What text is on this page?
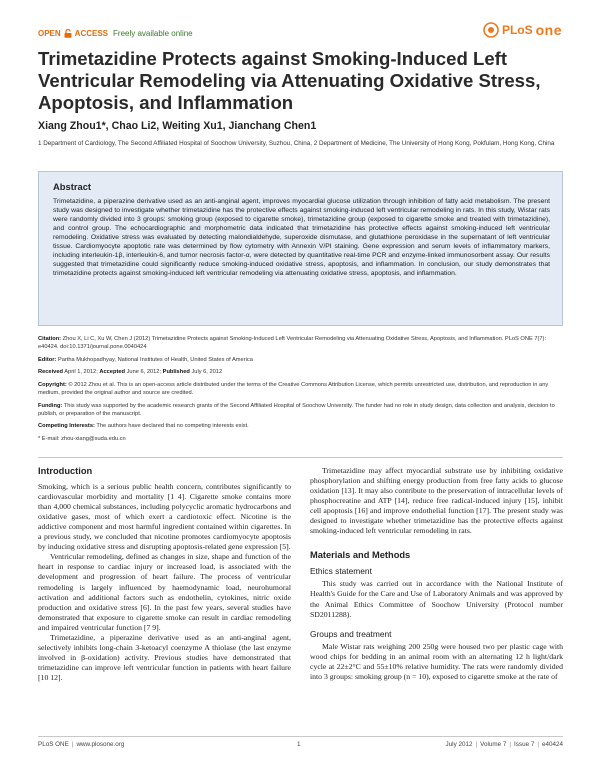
OPEN ACCESS Freely available online	PLoS one
Trimetazidine Protects against Smoking-Induced Left Ventricular Remodeling via Attenuating Oxidative Stress, Apoptosis, and Inflammation
Xiang Zhou1*, Chao Li2, Weiting Xu1, Jianchang Chen1
1 Department of Cardiology, The Second Affiliated Hospital of Soochow University, Suzhou, China, 2 Department of Medicine, The University of Hong Kong, Pokfulam, Hong Kong, China
Abstract
Trimetazidine, a piperazine derivative used as an anti-anginal agent, improves myocardial glucose utilization through inhibition of fatty acid metabolism. The present study was designed to investigate whether trimetazidine has the protective effects against smoking-induced left ventricular remodeling in rats. In this study, Wistar rats were randomly divided into 3 groups: smoking group (exposed to cigarette smoke), trimetazidine group (exposed to cigarette smoke and treated with trimetazidine), and control group. The echocardiographic and morphometric data indicated that trimetazidine has protective effects against smoking-induced left ventricular remodeling. Oxidative stress was evaluated by detecting malondialdehyde, superoxide dismutase, and glutathione peroxidase in the supernatant of left ventricular tissue. Cardiomyocyte apoptotic rate was determined by flow cytometry with Annexin V/PI staining. Gene expression and serum levels of inflammatory markers, including interleukin-1β, interleukin-6, and tumor necrosis factor-α, were detected by quantitative real-time PCR and enzyme-linked immunosorbent assay. Our results suggested that trimetazidine could significantly reduce smoking-induced oxidative stress, apoptosis, and inflammation. In conclusion, our study demonstrates that trimetazidine protects against smoking-induced left ventricular remodeling via attenuating oxidative stress, apoptosis, and inflammation.
Citation: Zhou X, Li C, Xu W, Chen J (2012) Trimetazidine Protects against Smoking-Induced Left Ventricular Remodeling via Attenuating Oxidative Stress, Apoptosis, and Inflammation. PLoS ONE 7(7): e40424. doi:10.1371/journal.pone.0040424
Editor: Partha Mukhopadhyay, National Institutes of Health, United States of America
Received April 1, 2012; Accepted June 6, 2012; Published July 6, 2012
Copyright: © 2012 Zhou et al. This is an open-access article distributed under the terms of the Creative Commons Attribution License, which permits unrestricted use, distribution, and reproduction in any medium, provided the original author and source are credited.
Funding: This study was supported by the academic research grants of the Second Affiliated Hospital of Soochow University. The funder had no role in study design, data collection and analysis, decision to publish, or preparation of the manuscript.
Competing Interests: The authors have declared that no competing interests exist.
* E-mail: zhou-xiang@suda.edu.cn
Introduction

Smoking, which is a serious public health concern, contributes significantly to cardiovascular morbidity and mortality [1 4]. Cigarette smoke contains more than 4,000 chemical substances, including polycyclic aromatic hydrocarbons and oxidative gases, most of which exert a cardiotoxic effect. Nicotine is the addictive component and most harmful ingredient contained within cigarettes. In a previous study, we concluded that nicotine promotes cardiomyocyte apoptosis by inducing oxidative stress and disrupting apoptosis-related gene expression [5].

Ventricular remodeling, defined as changes in size, shape and function of the heart in response to cardiac injury or increased load, is associated with the development and progression of heart failure. The process of ventricular remodeling is largely influenced by haemodynamic load, neurohumoral activation and additional factors such as endothelin, cytokines, nitric oxide production and oxidative stress [6]. In the past few years, several studies have demonstrated that exposure to cigarette smoke can result in cardiac remodeling and impaired ventricular function [7 9].

Trimetazidine, a piperazine derivative used as an anti-anginal agent, selectively inhibits long-chain 3-ketoacyl coenzyme A thiolase (the last enzyme involved in β-oxidation) activity. Previous studies have demonstrated that trimetazidine can improve left ventricular function in patients with heart failure [10 12].

Trimetazidine may affect myocardial substrate use by inhibiting oxidative phosphorylation and shifting energy production from free fatty acids to glucose oxidation [13]. It may also contribute to the preservation of intracellular levels of phosphocreatine and ATP [14], reduce free radical-induced injury [15], inhibit cell apoptosis [16] and improve endothelial function [17]. The present study was designed to investigate whether trimetazidine has the protective effects against smoking-induced left ventricular remodeling in rats.

Materials and Methods
Ethics statement

This study was carried out in accordance with the National Institute of Health's Guide for the Care and Use of Laboratory Animals and was approved by the Animal Ethics Committee of Soochow University (Protocol number SD2011288).

Groups and treatment

Male Wistar rats weighing 200 250g were housed two per plastic cage with wood chips for bedding in an animal room with an alternating 12 h light/dark cycle at 22±2°C and 55±10% relative humidity. The rats were randomly divided into 3 groups: smoking group (n = 10), exposed to cigarette smoke at the rate of

PLoS ONE | www.plosone.org	1	July 2012 | Volume 7 | Issue 7 | e40424
